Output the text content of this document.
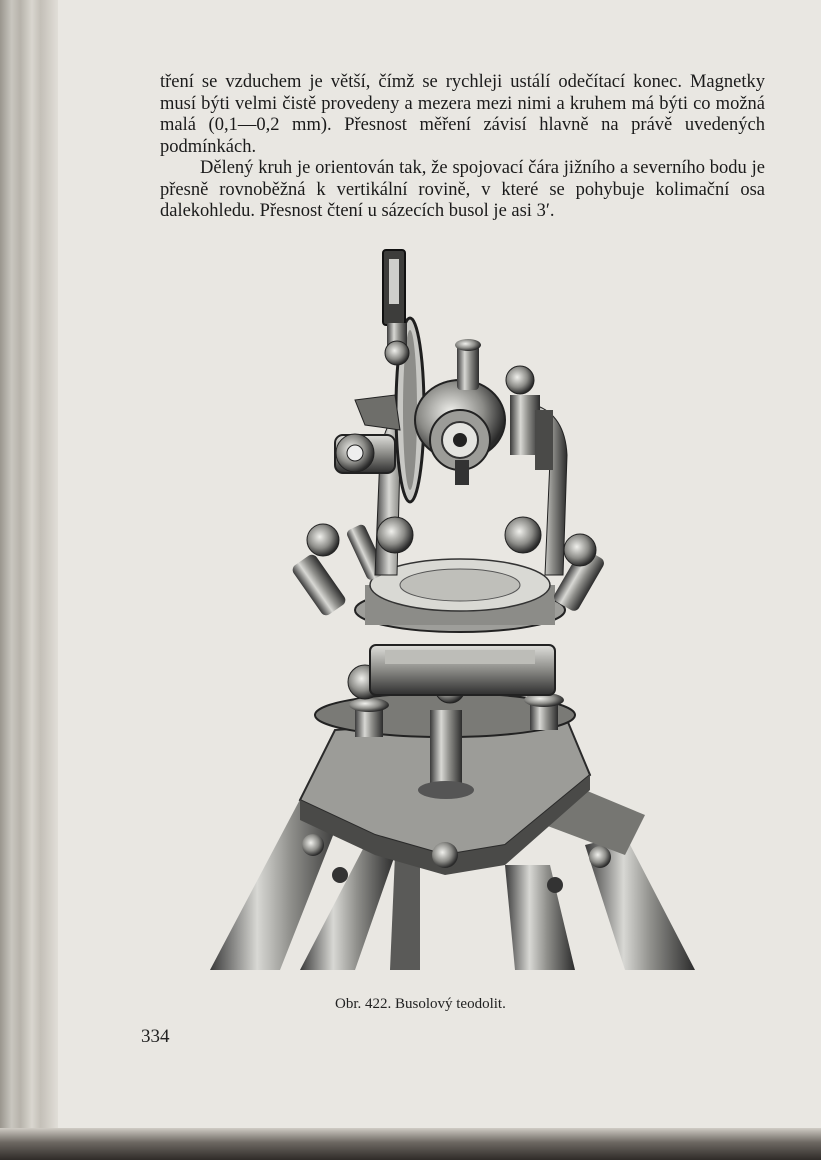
tření se vzduchem je větší, čímž se rychleji ustálí odečítací konec. Magnetky musí býti velmi čistě provedeny a mezera mezi nimi a kruhem má býti co možná malá (0,1—0,2 mm). Přesnost měření závisí hlavně na právě uvedených podmínkách.

Dělený kruh je orientován tak, že spojovací čára jižního a severního bodu je přesně rovnoběžná k vertikální rovině, v které se pohybuje kolimační osa dalekohledu. Přesnost čtení u sázecích busol je asi 3′.

Obr. 422. Busolový teodolit.
334
